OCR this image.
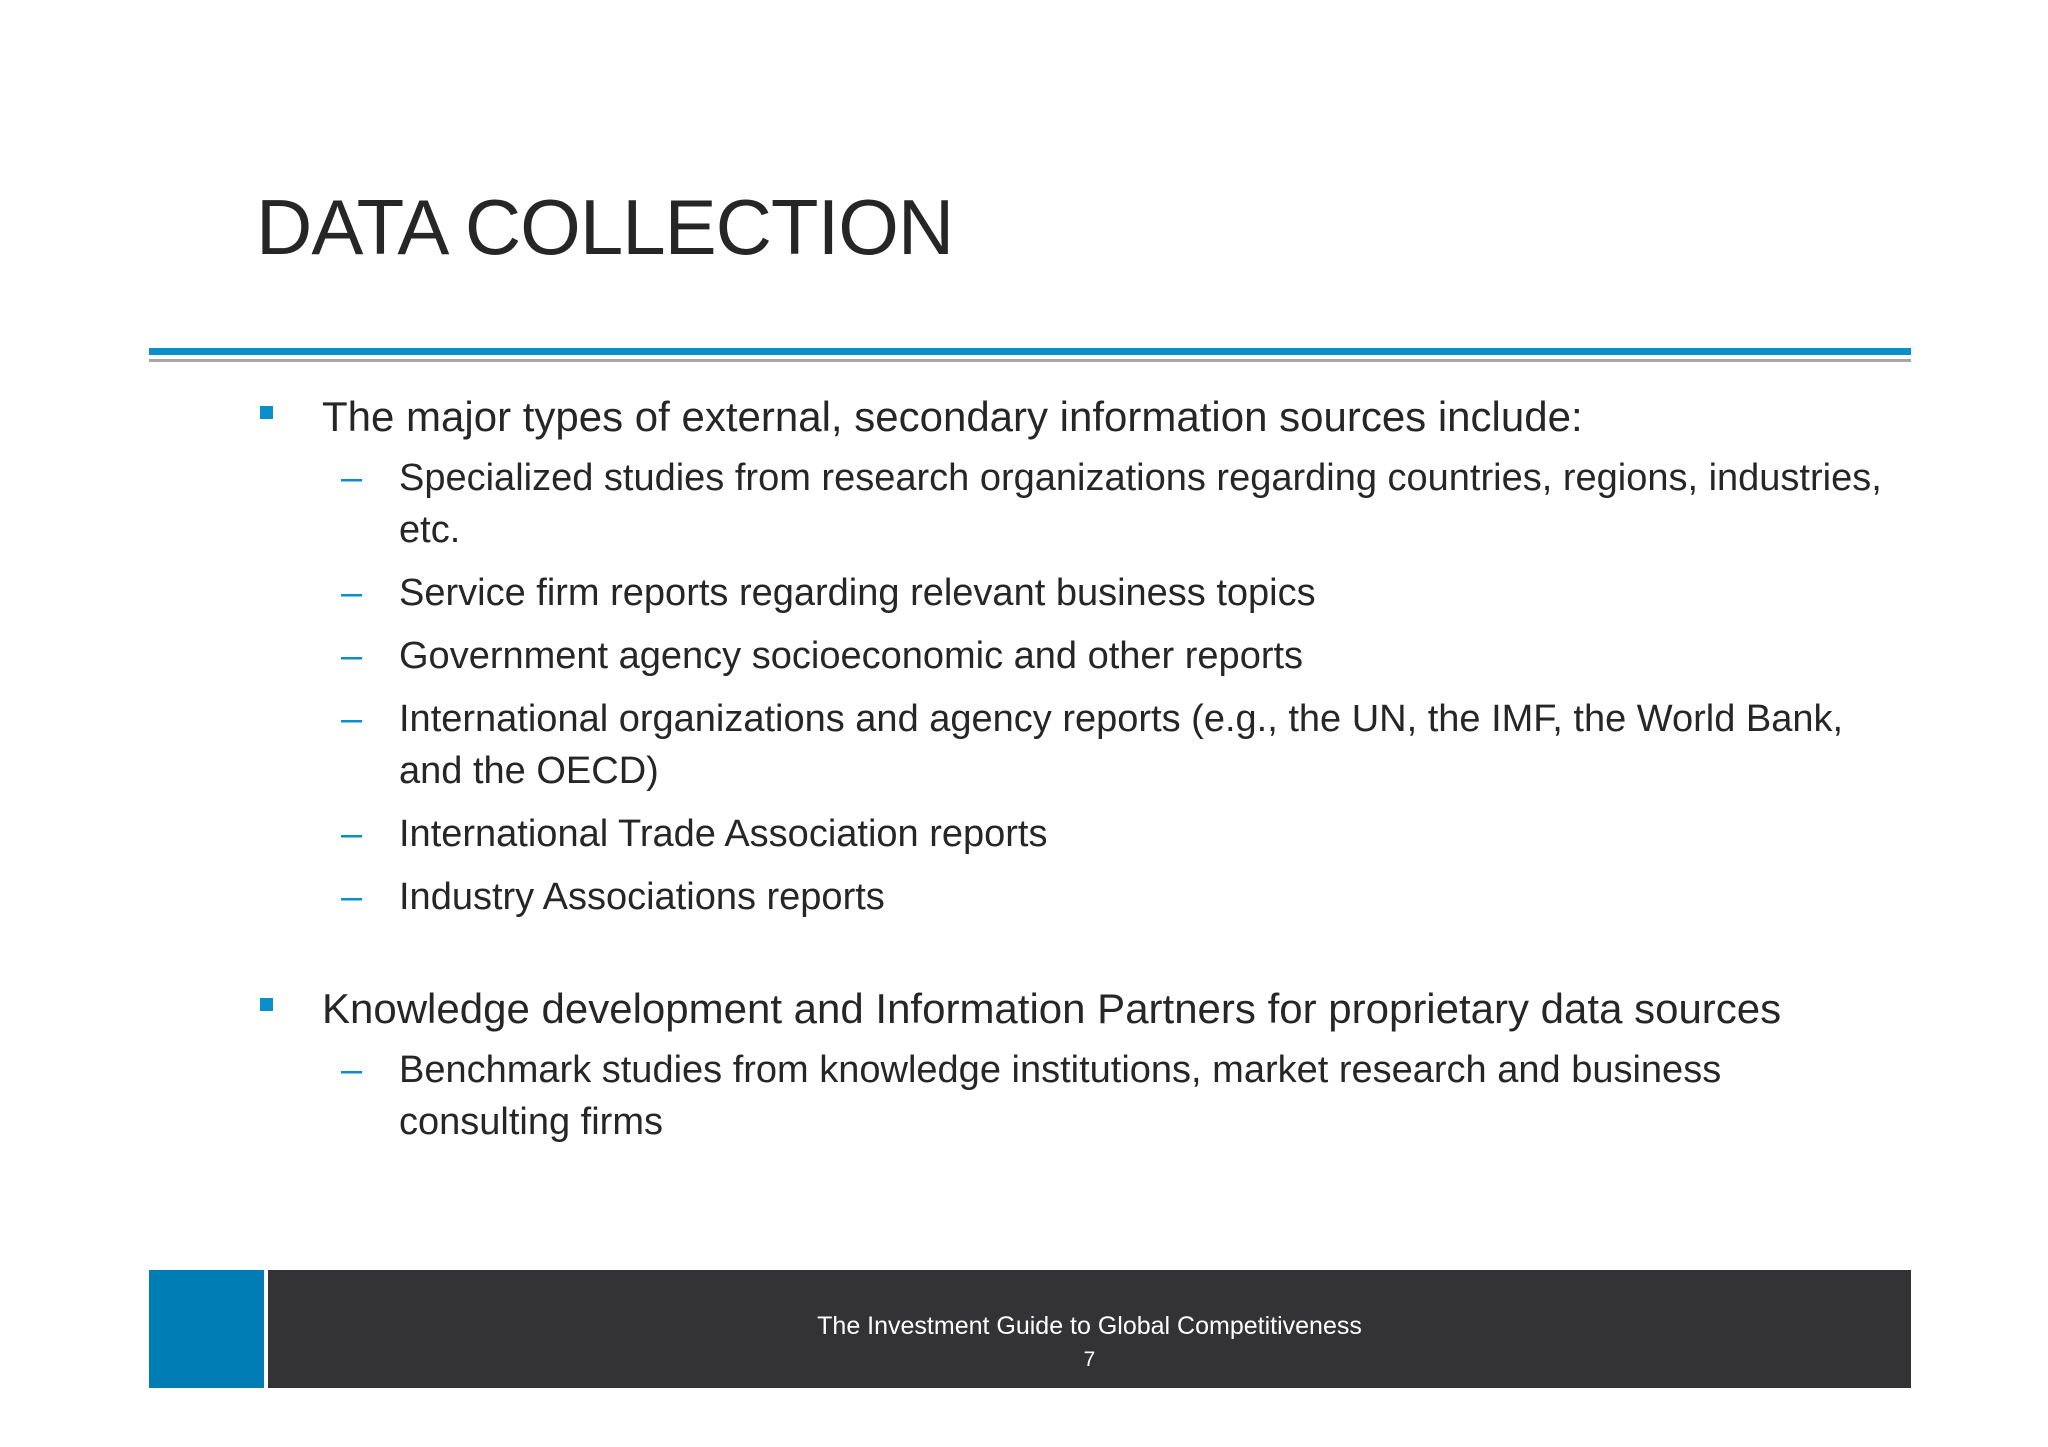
DATA COLLECTION
The major types of external, secondary information sources include:
– Specialized studies from research organizations regarding countries, regions, industries, etc.
– Service firm reports regarding relevant business topics
– Government agency socioeconomic and other reports
– International organizations and agency reports (e.g., the UN, the IMF, the World Bank, and the OECD)
– International Trade Association reports
– Industry Associations reports
Knowledge development and Information Partners for proprietary data sources
– Benchmark studies from knowledge institutions, market research and business consulting firms
The Investment Guide to Global Competitiveness
7
